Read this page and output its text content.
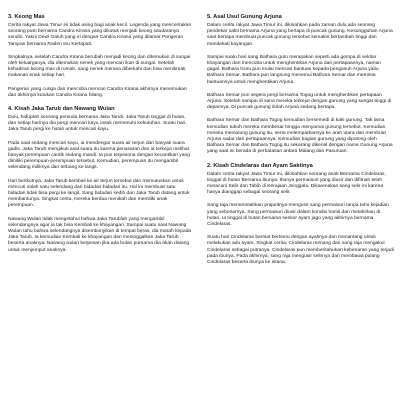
3. Keong Mas

Cerita rakyat Jawa Timur ini tidak asing bagi anak kecil. Legenda yang menceritakan seorang putri bernama Candra Kirana yang dikutuk menjadi keong saudaranya sendiri. Yakni Dewi Galuh yang iri dengan Candra Kirana yang dilamar Pangeran Tampan bernama Raden Inu Kertapati.

Singkatnya, setelah Candra Kirana berubah menjadi keong dan ditemukan di sungai oleh keluarganya, dia ditemukan nenek yang mencari ikan di sungai. Setelah kehadiran keong mas di rumah, sang nenek merasa diberkahi dan bisa menikmati makanan enak setiap hari.

Pangeran yang curiga dan mencoba mencari Candra Kirana akhirnya menemukan dan akhirnya kutukan Candra Kirana hilang.

4. Kisah Jaka Tarub dan Nawang Wulan

Dulu, hiduplah seorang pemuda bernama Jaka Tarub. Jaka Tarub tinggal di hutan, dan setiap harinya dia pergi mencari kayu untuk memenuhi kebutuhan. Suatu hari, Jaka Tarub pergi ke hutan untuk mencari kayu.

Pada saat sedang mencari kayu, ia mendengar suara air terjun dan banyak suara gadis. Jaka Tarub mengikuti asal suara itu karena penasaran dan ia terkejut melihat banyak perempuan cantik sedang mandi. Ia pun terpesona dengan kecantikan yang dimiliki perempuan-perempuan tersebut. Kemudian, perempuan itu mengambil selendang miliknya dan terbang ke langit.

Hari berikutnya, Jaka Tarub kembali ke air terjun tersebut dan memutuskan untuk mencuri salah satu selendang dari bidadari-bidadari itu. Hal ini membuat satu bidadari tidak bisa pergi ke langit. Sang bidadari sedih dan Jaka Tarub datang untuk membantunya. Singkat cerita, mereka berdua menikah dan memiliki anak perempuan.

Nawang Wulan tidak mengetahui bahwa Jaka Tarublah yang mengambil selendangnya agar ia tak bisa Kembali ke khayangan. Sampai suatu saat Nawang Wulan tahu bahwa selendangnya disembunyikan di tempat beras, dia marah kepada Jaka Tarub. Ia kemudian Kembali ke khayangan dan meninggalkan Jaka Tarub beserta anaknya. Nawang wulan berpesan jika ada bulan purnama dia akan datang untuk menjemput anaknya.

5. Asal Usul Gunung Arjuna

Dalam cerita rakyat Jawa Timur ini, dikisahkan pada zaman dulu ada seorang pendekar sakti bernama Arjuna yang bertapa di puncak gunung. Kesungguhan Arjuna saat bertapa membuat puncak gunung tersebut semakin bertambah tinggi dan mendekati kayangan.

Sampai suatu hari sang Bathara guru merasakan seperti ada gempa di sekitar khayangan dan mencoba untuk menghentikan Arjuna dari pertapaannya, namun gagal. Bathara Guru pun mulai mencari bantuan kepada pengasuh Arjuna yaitu Bathara Semar. Bathara pun langsung menemui Bathara Semar dan meminta bantuannya untuk menghentikan Arjuna.

Bathara Semar pun segera pergi bersama Togog untuk menghentikan pertapaan Arjuna. Setelah sampai di sana mereka terkejut dengan gunung yang sangat tinggi di depannya. Di puncak gunung itulah Arjuna sedang bertapa.

Bathara Semar dan Bathara Togog kemudian bersemedi di kaki gunung. Tak lama kemudian tubuh mereka membesar hingga menyamai gunung tersebut. Kemudian mereka memotong gunung itu, serta melemparkannya ke arah utara dan membuat Arjuna sadar dari pertapaannya. Kemudian bagian gunung yang dipotong oleh Bathara Semar dan Bathara Togog itu sekarang dikenal dengan nama Gunung Arjuna yang saat ini berada di perbatasan antara Malang dan Pasuruan.

2. Kisah Cindelaras dan Ayam Saktinya

Dalam cerita rakyat Jawa Timur ini, dikisahkan seorang anak Bernama Cindelaras, tinggal di hutan Bersama ibunya. Ibunya permaisuri yang diusir dan difitnah telah meracuni Selir dan Tabib di Kerajaan Jenggala. Dikarenakan sang selir ini karena hanya dianggap sebagai seorang selir.

Sang raja memerintahkan prajuritnya mengusir sang permaisuri tanpa tahu kejadian yang sebenarnya. Sang permaisuri diusir dalam kondisi hamil dan melahirkan di hutan. Ia tinggal di hutan bersama seekor ayam jago yang akhirnya bernama Cindelaras.

Suatu hari Cindelaras berniat bertemu dengan ayahnya dan menantang untuk melakukan adu ayam. Singkat cerita, Cindelaras menang dan sang raja mengakui Cindelaras sebagai putranya. Cindelaras pun memberitahukan kebenaran yang terjadi pada ibunya. Pada akhirnya, sang raja mengusir selirnya dan membawa pulang Cindelaras beserta ibunya ke istana.
